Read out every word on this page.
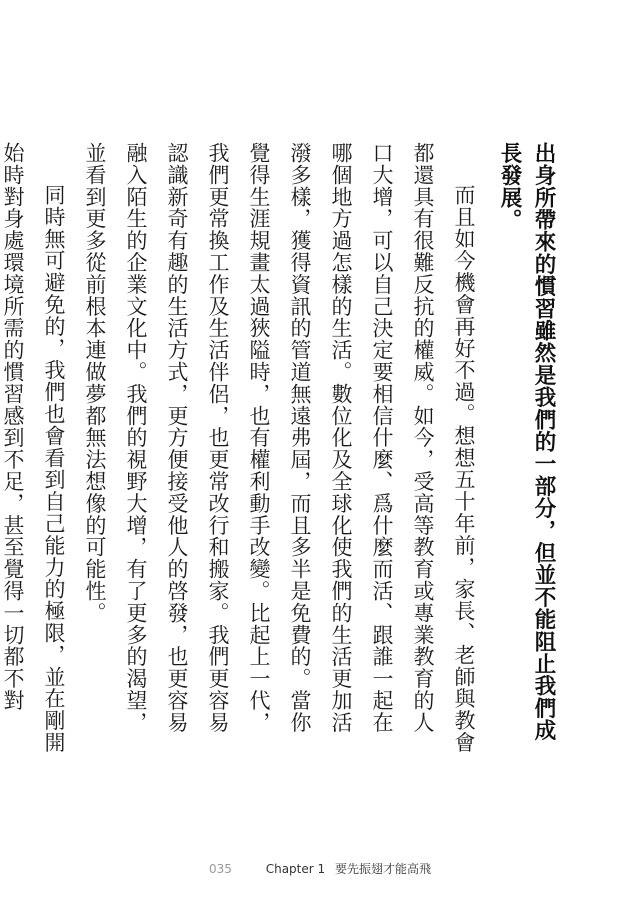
出身所帶來的慣習雖然是我們的一部分，但並不能阻止我們成長發展。

而且如今機會再好不過。想想五十年前，家長、老師與教會都還具有很難反抗的權威。如今，受高等教育或專業教育的人口大增，可以自己決定要相信什麼、爲什麼而活、跟誰一起在哪個地方過怎樣的生活。數位化及全球化使我們的生活更加活潑多樣，獲得資訊的管道無遠弗屆，而且多半是免費的。當你覺得生涯規畫太過狹隘時，也有權利動手改變。比起上一代，我們更常換工作及生活伴侶，也更常改行和搬家。我們更容易認識新奇有趣的生活方式，更方便接受他人的啓發，也更容易融入陌生的企業文化中。我們的視野大增，有了更多的渴望，並看到更多從前根本連做夢都無法想像的可能性。

同時無可避免的，我們也會看到自己能力的極限，並在剛開始時對身處環境所需的慣習感到不足，甚至覺得一切都不對

035	Chapter 1 要先振翅才能高飛
